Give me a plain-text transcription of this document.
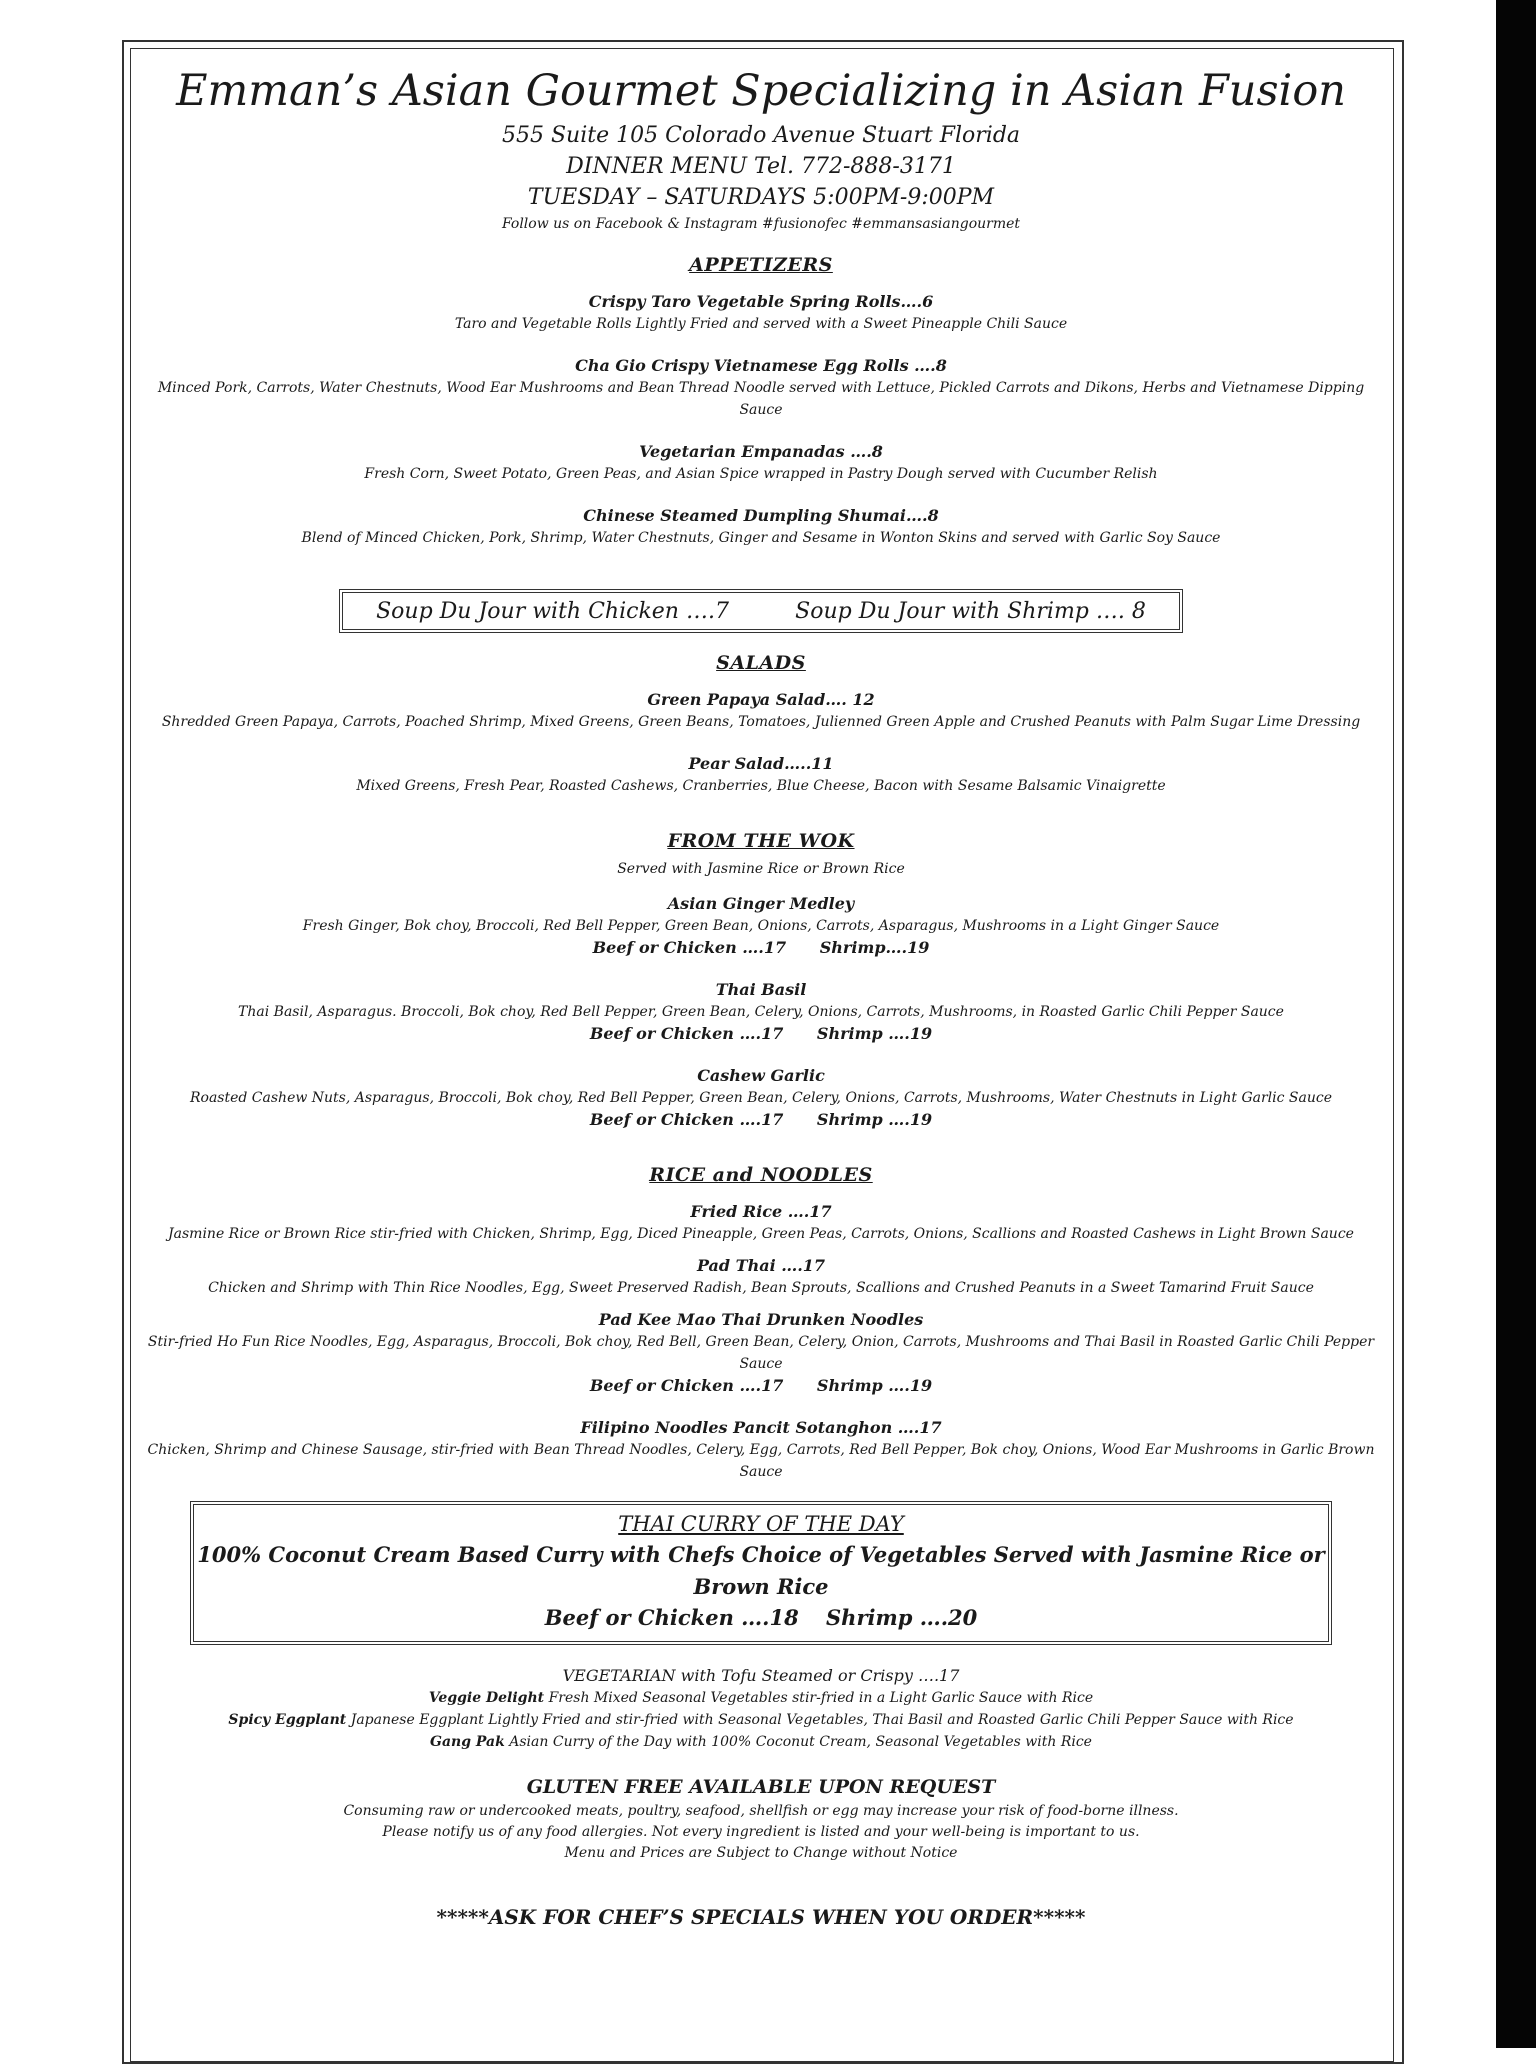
Emman’s Asian Gourmet Specializing in Asian Fusion
555 Suite 105 Colorado Avenue Stuart Florida
DINNER MENU Tel. 772-888-3171
TUESDAY – SATURDAYS 5:00PM-9:00PM
Follow us on Facebook & Instagram #fusionofec #emmansasiangourmet
APPETIZERS
Crispy Taro Vegetable Spring Rolls….6
Taro and Vegetable Rolls Lightly Fried and served with a Sweet Pineapple Chili Sauce
Cha Gio Crispy Vietnamese Egg Rolls ….8
Minced Pork, Carrots, Water Chestnuts, Wood Ear Mushrooms and Bean Thread Noodle served with Lettuce, Pickled Carrots and Dikons, Herbs and Vietnamese Dipping Sauce
Vegetarian Empanadas ….8
Fresh Corn, Sweet Potato, Green Peas, and Asian Spice wrapped in Pastry Dough served with Cucumber Relish
Chinese Steamed Dumpling Shumai….8
Blend of Minced Chicken, Pork, Shrimp, Water Chestnuts, Ginger and Sesame in Wonton Skins and served with Garlic Soy Sauce
Soup Du Jour with Chicken ….7	Soup Du Jour with Shrimp …. 8
SALADS
Green Papaya Salad…. 12
Shredded Green Papaya, Carrots, Poached Shrimp, Mixed Greens, Green Beans, Tomatoes, Julienned Green Apple and Crushed Peanuts with Palm Sugar Lime Dressing
Pear Salad…..11
Mixed Greens, Fresh Pear, Roasted Cashews, Cranberries, Blue Cheese, Bacon with Sesame Balsamic Vinaigrette
FROM THE WOK
Served with Jasmine Rice or Brown Rice
Asian Ginger Medley
Fresh Ginger, Bok choy, Broccoli, Red Bell Pepper, Green Bean, Onions, Carrots, Asparagus, Mushrooms in a Light Ginger Sauce
Beef or Chicken ….17 Shrimp….19
Thai Basil
Thai Basil, Asparagus. Broccoli, Bok choy, Red Bell Pepper, Green Bean, Celery, Onions, Carrots, Mushrooms, in Roasted Garlic Chili Pepper Sauce
Beef or Chicken ….17 Shrimp ….19
Cashew Garlic
Roasted Cashew Nuts, Asparagus, Broccoli, Bok choy, Red Bell Pepper, Green Bean, Celery, Onions, Carrots, Mushrooms, Water Chestnuts in Light Garlic Sauce
Beef or Chicken ….17 Shrimp ….19
RICE and NOODLES
Fried Rice ….17
Jasmine Rice or Brown Rice stir-fried with Chicken, Shrimp, Egg, Diced Pineapple, Green Peas, Carrots, Onions, Scallions and Roasted Cashews in Light Brown Sauce
Pad Thai ….17
Chicken and Shrimp with Thin Rice Noodles, Egg, Sweet Preserved Radish, Bean Sprouts, Scallions and Crushed Peanuts in a Sweet Tamarind Fruit Sauce
Pad Kee Mao Thai Drunken Noodles
Stir-fried Ho Fun Rice Noodles, Egg, Asparagus, Broccoli, Bok choy, Red Bell, Green Bean, Celery, Onion, Carrots, Mushrooms and Thai Basil in Roasted Garlic Chili Pepper Sauce
Beef or Chicken ….17 Shrimp ….19
Filipino Noodles Pancit Sotanghon ….17
Chicken, Shrimp and Chinese Sausage, stir-fried with Bean Thread Noodles, Celery, Egg, Carrots, Red Bell Pepper, Bok choy, Onions, Wood Ear Mushrooms in Garlic Brown Sauce
THAI CURRY OF THE DAY
100% Coconut Cream Based Curry with Chefs Choice of Vegetables Served with Jasmine Rice or Brown Rice
Beef or Chicken ….18 Shrimp ….20
VEGETARIAN with Tofu Steamed or Crispy ….17
Veggie Delight Fresh Mixed Seasonal Vegetables stir-fried in a Light Garlic Sauce with Rice
Spicy Eggplant Japanese Eggplant Lightly Fried and stir-fried with Seasonal Vegetables, Thai Basil and Roasted Garlic Chili Pepper Sauce with Rice
Gang Pak Asian Curry of the Day with 100% Coconut Cream, Seasonal Vegetables with Rice
GLUTEN FREE AVAILABLE UPON REQUEST
Consuming raw or undercooked meats, poultry, seafood, shellfish or egg may increase your risk of food-borne illness.
Please notify us of any food allergies. Not every ingredient is listed and your well-being is important to us.
Menu and Prices are Subject to Change without Notice
*****ASK FOR CHEF’S SPECIALS WHEN YOU ORDER*****
